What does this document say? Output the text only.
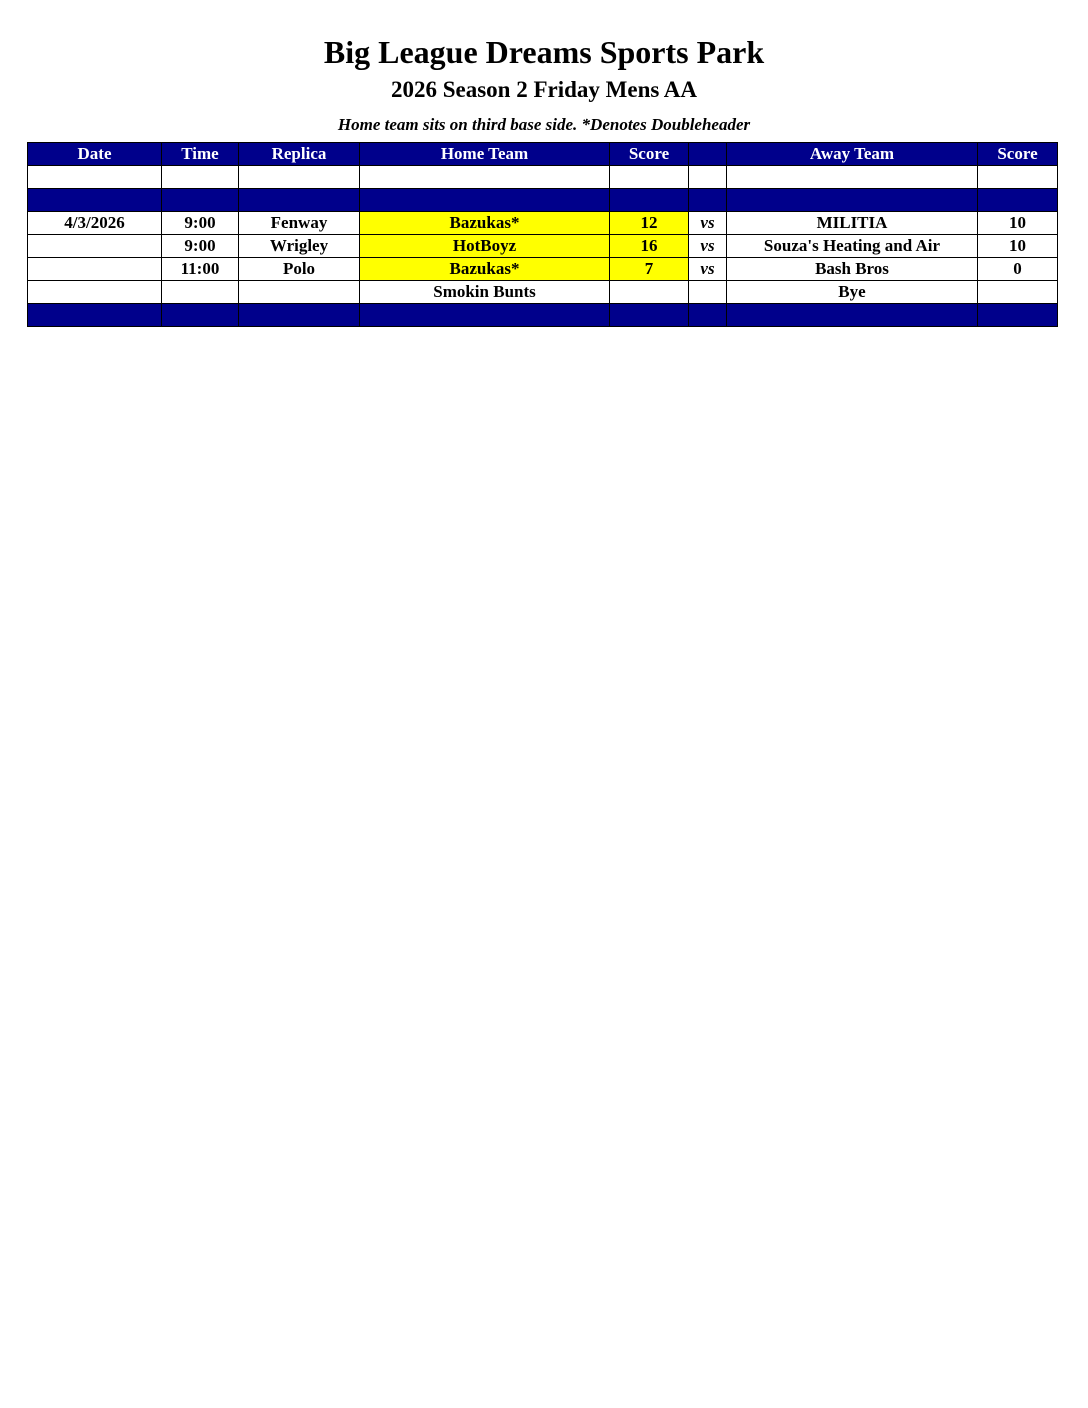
Big League Dreams Sports Park
2026 Season 2 Friday Mens AA
Home team sits on third base side. *Denotes Doubleheader
Date	Time	Replica	Home Team	Score		Away Team	Score

4/3/2026	9:00	Fenway	Bazukas*	12	vs	MILITIA	10
	9:00	Wrigley	HotBoyz	16	vs	Souza's Heating and Air	10
	11:00	Polo	Bazukas*	7	vs	Bash Bros	0
			Smokin Bunts			Bye	
